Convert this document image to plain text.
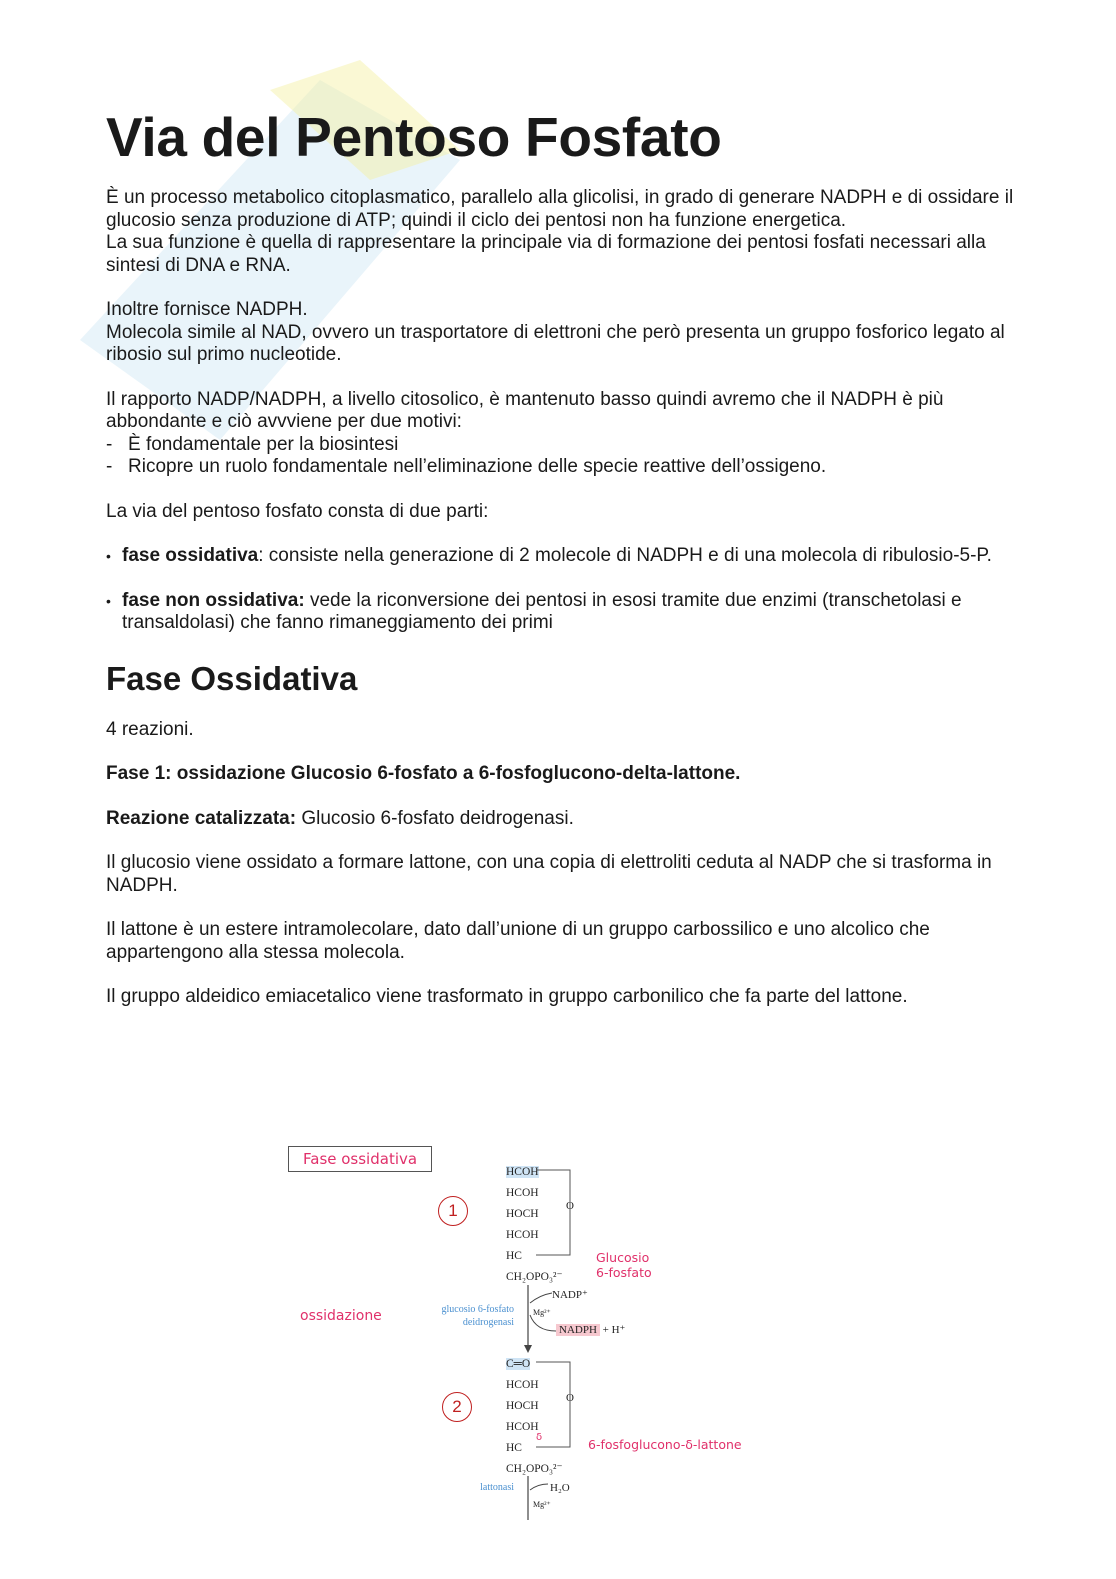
Via del Pentoso Fosfato

È un processo metabolico citoplasmatico, parallelo alla glicolisi, in grado di generare NADPH e di ossidare il glucosio senza produzione di ATP; quindi il ciclo dei pentosi non ha funzione energetica.

La sua funzione è quella di rappresentare la principale via di formazione dei pentosi fosfati necessari alla sintesi di DNA e RNA.

Inoltre fornisce NADPH.

Molecola simile al NAD, ovvero un trasportatore di elettroni che però presenta un gruppo fosforico legato al ribosio sul primo nucleotide.

Il rapporto NADP/NADPH, a livello citosolico, è mantenuto basso quindi avremo che il NADPH è più abbondante e ciò avvviene per due motivi:

- È fondamentale per la biosintesi
- Ricopre un ruolo fondamentale nell’eliminazione delle specie reattive dell’ossigeno.

La via del pentoso fosfato consta di due parti:

• fase ossidativa: consiste nella generazione di 2 molecole di NADPH e di una molecola di ribulosio-5-P.
• fase non ossidativa: vede la riconversione dei pentosi in esosi tramite due enzimi (transchetolasi e transaldolasi) che fanno rimaneggiamento dei primi
Fase Ossidativa

4 reazioni.

Fase 1: ossidazione Glucosio 6-fosfato a 6-fosfoglucono-delta-lattone.

Reazione catalizzata: Glucosio 6-fosfato deidrogenasi.

Il glucosio viene ossidato a formare lattone, con una copia di elettroliti ceduta al NADP che si trasforma in NADPH.

Il lattone è un estere intramolecolare, dato dall’unione di un gruppo carbossilico e uno alcolico che appartengono alla stessa molecola.

Il gruppo aldeidico emiacetalico viene trasformato in gruppo carbonilico che fa parte del lattone.

Fase ossidativa
1
2
ossidazione
HCOH
HCOH
HOCH
HCOH
HC
CH₂OPO₃²⁻
O
Glucosio
6-fosfato
glucosio 6-fosfato
deidrogenasi
NADP⁺
Mg²⁺
NADPH + H⁺
C═O
HCOH
HOCH
HCOH
HC
CH₂OPO₃²⁻
O
δ	6-fosfoglucono-δ-lattone
lattonasi	H₂O
Mg²⁺
